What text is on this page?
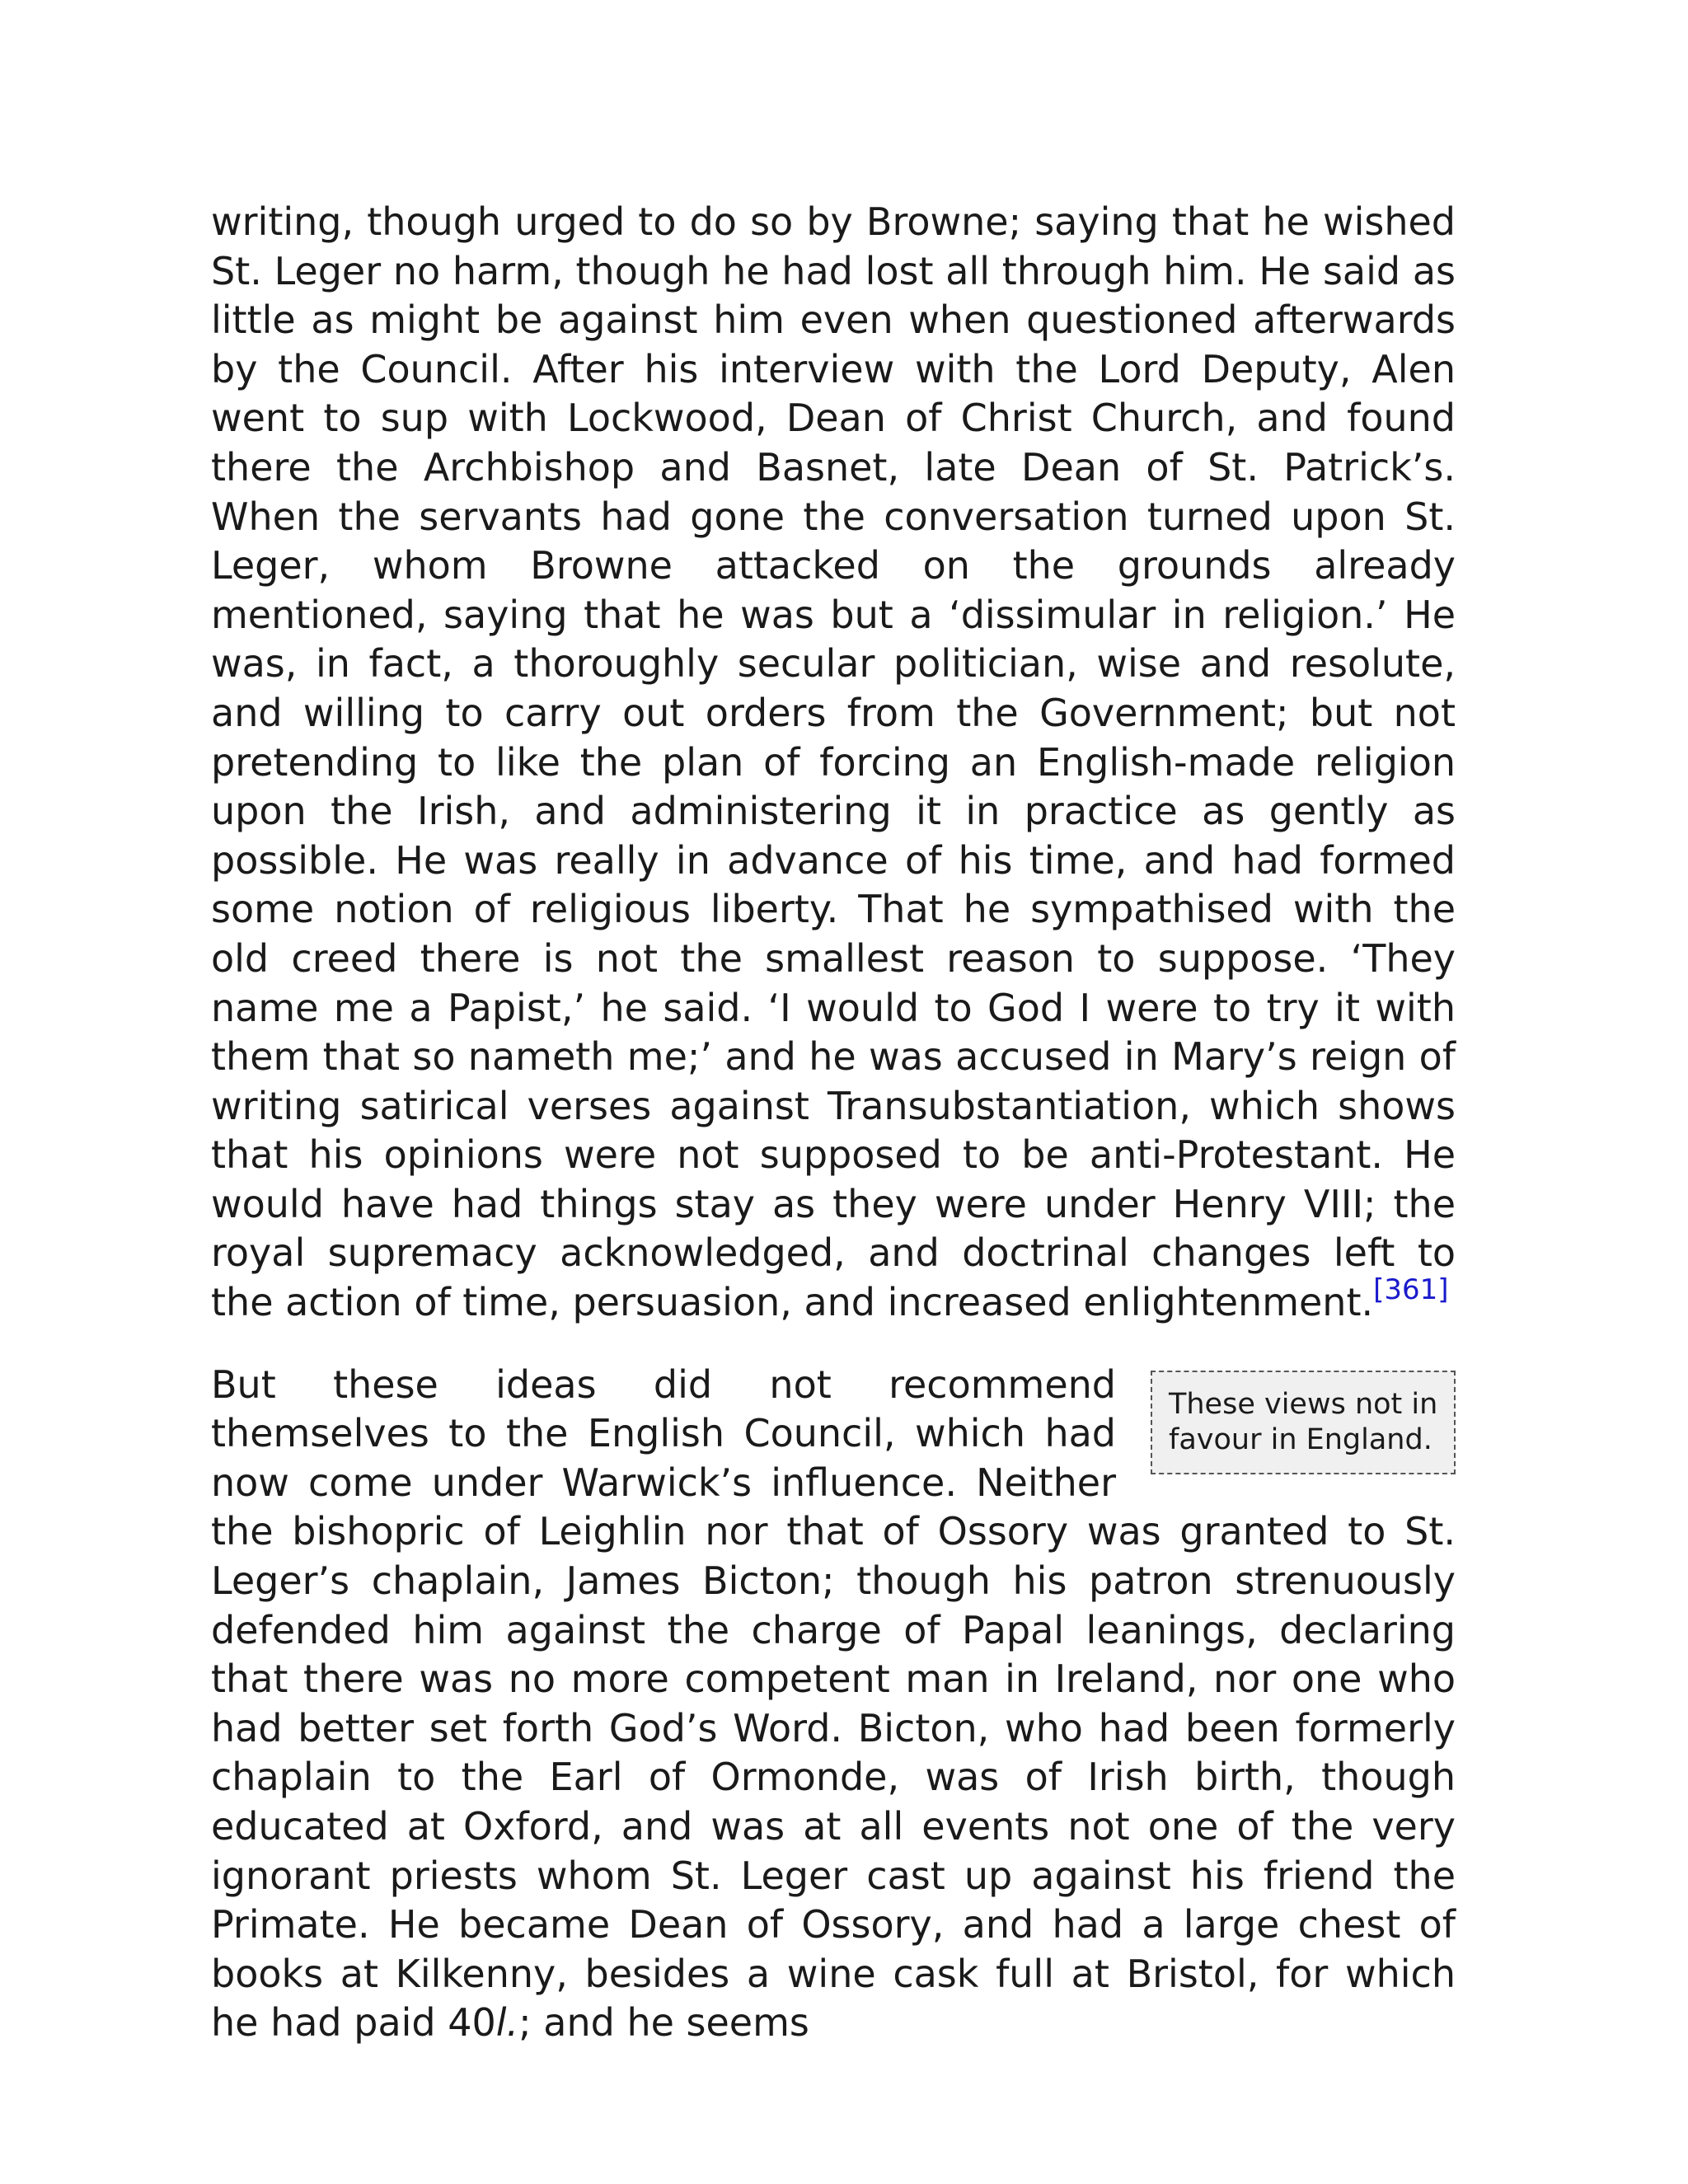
writing, though urged to do so by Browne; saying that he wished St. Leger no harm, though he had lost all through him. He said as little as might be against him even when questioned afterwards by the Council. After his interview with the Lord Deputy, Alen went to sup with Lockwood, Dean of Christ Church, and found there the Archbishop and Basnet, late Dean of St. Patrick’s. When the servants had gone the conversation turned upon St. Leger, whom Browne attacked on the grounds already mentioned, saying that he was but a ‘dissimular in religion.’ He was, in fact, a thoroughly secular politician, wise and resolute, and willing to carry out orders from the Government; but not pretending to like the plan of forcing an English-made religion upon the Irish, and administering it in practice as gently as possible. He was really in advance of his time, and had formed some notion of religious liberty. That he sympathised with the old creed there is not the smallest reason to suppose. ‘They name me a Papist,’ he said. ‘I would to God I were to try it with them that so nameth me;’ and he was accused in Mary’s reign of writing satirical verses against Transubstantiation, which shows that his opinions were not supposed to be anti-Protestant. He would have had things stay as they were under Henry VIII; the royal supremacy acknowledged, and doctrinal changes left to the action of time, persuasion, and increased enlightenment.[361]

These views not in favour in England.
But these ideas did not recommend themselves to the English Council, which had now come under Warwick’s influence. Neither the bishopric of Leighlin nor that of Ossory was granted to St. Leger’s chaplain, James Bicton; though his patron strenuously defended him against the charge of Papal leanings, declaring that there was no more competent man in Ireland, nor one who had better set forth God’s Word. Bicton, who had been formerly chaplain to the Earl of Ormonde, was of Irish birth, though educated at Oxford, and was at all events not one of the very ignorant priests whom St. Leger cast up against his friend the Primate. He became Dean of Ossory, and had a large chest of books at Kilkenny, besides a wine cask full at Bristol, for which he had paid 40l.; and he seems
